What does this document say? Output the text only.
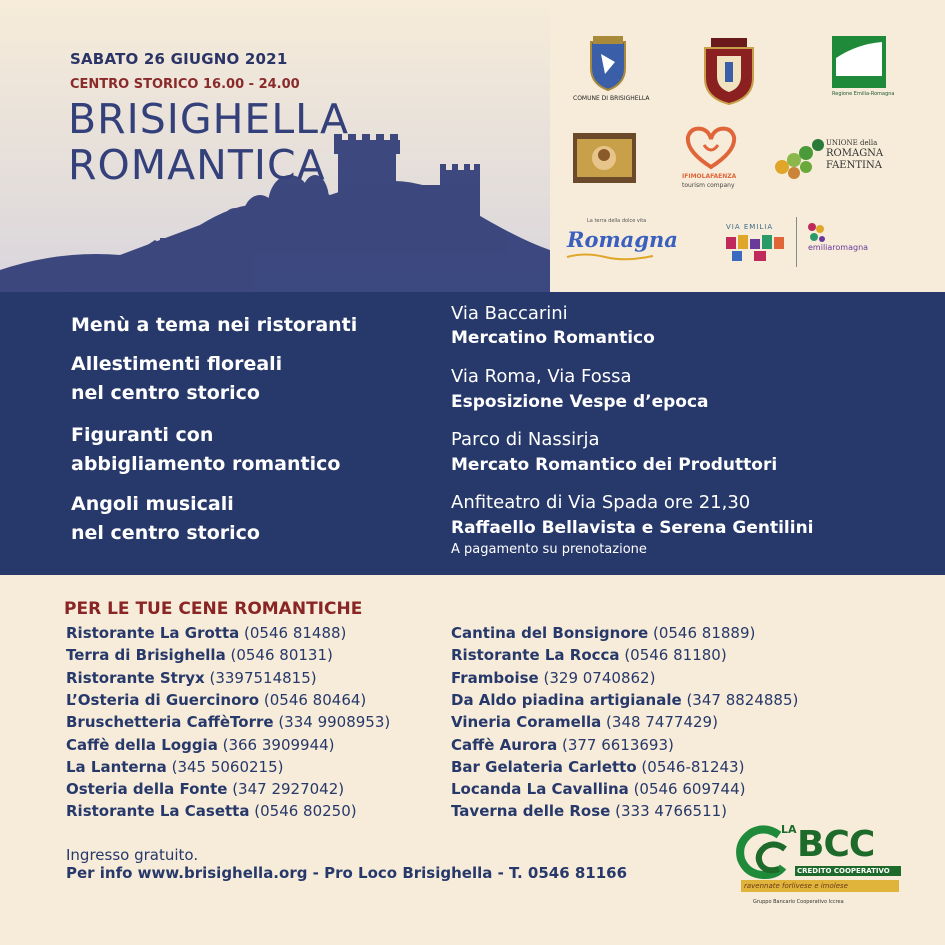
SABATO 26 GIUGNO 2021
CENTRO STORICO 16.00 - 24.00
BRISIGHELLA
ROMANTICA
COMUNE DI BRISIGHELLA
Regione Emilia-Romagna
IFIMOLAFAENZA
tourism company
UNIONE della
ROMAGNA
FAENTINA
La terra della dolce vita
Romagna	VIA EMILIA
emiliaromagna
Menù a tema nei ristoranti
Allestimenti floreali
nel centro storico
Figuranti con
abbigliamento romantico
Angoli musicali
nel centro storico
Via Baccarini
Mercatino Romantico
Via Roma, Via Fossa
Esposizione Vespe d’epoca
Parco di Nassirja
Mercato Romantico dei Produttori
Anfiteatro di Via Spada ore 21,30
Raffaello Bellavista e Serena Gentilini
A pagamento su prenotazione
PER LE TUE CENE ROMANTICHE
Ristorante La Grotta (0546 81488)
Terra di Brisighella (0546 80131)
Ristorante Stryx (3397514815)
L’Osteria di Guercinoro (0546 80464)
Bruschetteria CaffèTorre (334 9908953)
Caffè della Loggia (366 3909944)
La Lanterna (345 5060215)
Osteria della Fonte (347 2927042)
Ristorante La Casetta (0546 80250)
Cantina del Bonsignore (0546 81889)
Ristorante La Rocca (0546 81180)
Framboise (329 0740862)
Da Aldo piadina artigianale (347 8824885)
Vineria Coramella (348 7477429)
Caffè Aurora (377 6613693)
Bar Gelateria Carletto (0546-81243)
Locanda La Cavallina (0546 609744)
Taverna delle Rose (333 4766511)
Ingresso gratuito.
Per info www.brisighella.org - Pro Loco Brisighella - T. 0546 81166
LA BCC
CREDITO COOPERATIVO
ravennate forlivese e imolese
Gruppo Bancario Cooperativo Iccrea
